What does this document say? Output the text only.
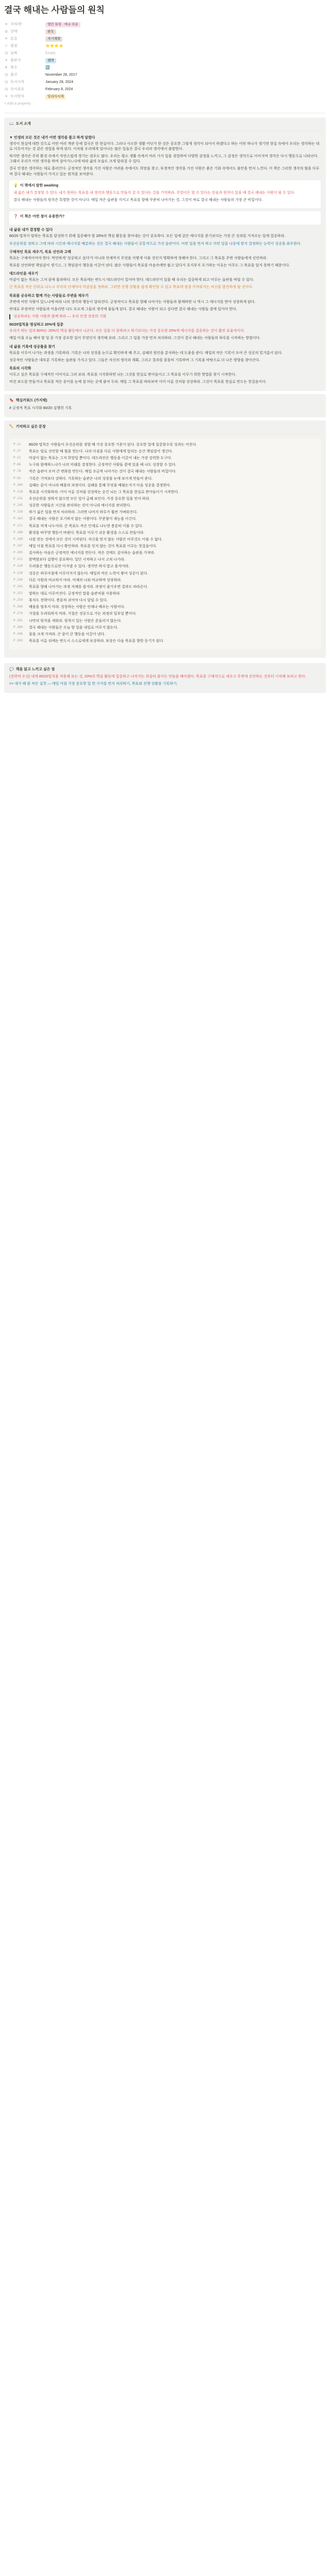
결국 해내는 사람들의 원칙
≡ 저자/편	앨런 튜링 · 매슈 라운
◎ 상태	완독
≡ 분류	자기계발
☆ 평점	⭐⭐⭐⭐
◷ 날짜	Empty
≡ 출판사	쌤앤
# 쪽수	🔤
◷ 출간	November 28, 2017
◷ 독서시작	January 28, 2024
◷ 독서종료	February 8, 2024
≡ 독서방식	밀리의서재
+ Add a property
📖 도서 소개
▼ 인생의 모든 것은 내가 어떤 생각을 품고 하게 달렸다
생각이 현실에 대한 것으로 어떤 여러 객관 등에 결국은 한 현실이다. 그러나 사소한 생활 어딘가 한 것은 중요한 그렇게 생각이 되어서 하겠다고 하는 어떤 하나가 생기면 현실 속에서 우리는 생각하는 대로 이루어지는 것 같은 경험을 하게 된다. 이처럼 우리에게 일어나는 많은 일들은 결국 우리의 생각에서 출발한다.
하지만 생각은 주위 환경 속에서 자연스럽게 생기는 경우도 많다. 우리는 평소 생활 속에서 여러 가지 일을 경험하며 다양한 감정을 느끼고, 그 감정은 생각으로 이어지며 생각은 다시 행동으로 나타난다. 그래서 우리가 어떤 생각을 하며 살아가느냐에 따라 삶의 모습도 크게 달라질 수 있다.
결국 인생은 생각하는 대로 흘러간다. 긍정적인 생각을 가진 사람은 어려움 속에서도 희망을 찾고, 부정적인 생각을 가진 사람은 좋은 기회 속에서도 불안을 먼저 느낀다. 이 책은 그러한 생각의 힘을 다루며 결국 해내는 사람들이 가지고 있는 원칙을 보여준다.
💡 이 책에서 말한 awaiting
내 삶은 내가 결정할 수 있다. 내가 원하는 목표를 내 생각과 행동으로 만들어 갈 수 있다는 것을 기억하라. 무엇이든 할 수 있다는 믿음과 원칙이 있을 때 결국 해내는 사람이 될 수 있다.
결국 해내는 사람들의 원칙은 특별한 것이 아니다. 매일 작은 습관을 지키고 목표를 향해 꾸준히 나아가는 것, 그것이 바로 결국 해내는 사람들의 가장 큰 비밀이다.
❓ 이 책은 어떤 점이 유용한가?
내 삶을 내가 결정할 수 있다
80/20 법칙이 말하는 목표를 달성하기 위해 집중해야 할 20%의 핵심 활동을 찾아내는 것이 중요하다. 모든 일에 같은 에너지를 쏟기보다는 가장 큰 성과를 가져오는 일에 집중하라.
우선순위를 정하고 그에 따라 시간과 에너지를 배분하는 것은 결국 해내는 사람들이 공통적으로 가진 습관이다. 어떤 일을 먼저 하고 어떤 일을 나중에 할지 결정하는 능력이 성공을 좌우한다.
구체적인 목표 세우기, 목표 선언과 고백
목표는 구체적이어야 한다. 막연하게 '성공하고 싶다'가 아니라 언제까지 무엇을 어떻게 이룰 것인지 명확하게 정해야 한다. 그리고 그 목표를 주변 사람들에게 선언하라.
목표를 선언하면 책임감이 생기고, 그 책임감이 행동을 이끌어 낸다. 많은 사람들이 목표를 마음속에만 품고 있다가 흐지부지 포기하는 이유는 아무도 그 목표를 알지 못하기 때문이다.
데드라인을 세우기
마감이 없는 목표는 그저 꿈에 불과하다. 모든 목표에는 반드시 데드라인이 있어야 한다. 데드라인이 있을 때 우리는 집중하게 되고 미루는 습관을 버릴 수 있다.
큰 목표를 작은 단위로 나누고 각각의 단계마다 마감일을 정하라. 그러면 진행 상황을 쉽게 확인할 수 있고 목표에 점점 가까워지는 자신을 발견하게 될 것이다.
목표를 공유하고 함께 가는 사람들로 주변을 채우기
주변에 어떤 사람이 있느냐에 따라 나의 생각과 행동이 달라진다. 긍정적이고 목표를 향해 나아가는 사람들과 함께하면 나 역시 그 에너지를 받아 성장하게 된다.
반대로 부정적인 사람들과 어울리면 나도 모르게 그들의 생각에 물들게 된다. 결국 해내는 사람이 되고 싶다면 결국 해내는 사람들 곁에 있어야 한다.
성공하려는 사람 사람과 함께 하라 — 우리 인생 성장의 기회
80/20법칙을 명심하고 20%에 집중
우리가 하는 일의 80%는 20%의 핵심 활동에서 나온다. 모든 일을 다 잘하려고 하기보다는 가장 중요한 20%에 에너지를 집중하는 것이 훨씬 효율적이다.
매일 아침 오늘 해야 할 일 중 가장 중요한 일이 무엇인지 생각해 보라. 그리고 그 일을 가장 먼저 처리하라. 그것이 결국 해내는 사람들의 하루를 시작하는 방법이다.
내 삶을 기록에 성공률을 찾기
목표를 이루어 나가는 과정을 기록하라. 기록은 나의 성장을 눈으로 확인하게 해 주고, 실패의 원인을 분석하는 데 도움을 준다. 매일의 작은 기록이 모여 큰 성공의 밑거름이 된다.
성공적인 사람들은 대부분 기록하는 습관을 가지고 있다. 그들은 자신의 생각과 계획, 그리고 결과를 꼼꼼히 기록하며 그 기록을 바탕으로 더 나은 방향을 찾아간다.
목표의 시각화
이루고 싶은 목표를 구체적인 이미지로 그려 보라. 목표를 시각화하면 뇌는 그것을 현실로 받아들이고 그 목표를 이루기 위한 방법을 찾기 시작한다.
비전 보드를 만들거나 목표를 적은 종이를 눈에 잘 띄는 곳에 붙여 두라. 매일 그 목표를 바라보며 이미 이룬 것처럼 상상하라. 그것이 목표를 현실로 만드는 첫걸음이다.
🔖 핵심키워드 (가지택)
# 긍정적 목표 시각화 80/20 실행력 기록
✏️ 기억하고 싶은 문장
P.21	80/20 법칙은 사람들이 우선순위를 정할 때 가장 중요한 기준이 된다. 중요한 일에 집중할수록 성과는 커진다.
P.37	목표는 말로 선언할 때 힘을 얻는다. 나의 다짐을 다른 사람에게 알리는 순간 책임감이 생긴다.
P.51	마감이 없는 목표는 그저 희망일 뿐이다. 데드라인은 행동을 이끌어 내는 가장 강력한 도구다.
P.66	누구와 함께하느냐가 나의 미래를 결정한다. 긍정적인 사람들 곁에 있을 때 나도 성장할 수 있다.
P.78	작은 습관이 모여 큰 변화를 만든다. 매일 조금씩 나아가는 것이 결국 해내는 사람들의 비밀이다.
P.92	기록은 기억보다 강하다. 기록하는 습관은 나의 성장을 눈에 보이게 만들어 준다.
P.104	실패는 끝이 아니라 배움의 과정이다. 실패를 통해 무엇을 배웠는지가 다음 성공을 결정한다.
P.118	목표를 시각화하라. 이미 이룬 것처럼 상상하는 순간 뇌는 그 목표를 현실로 받아들이기 시작한다.
P.131	우선순위를 정하지 않으면 모든 일이 급해 보인다. 가장 중요한 일을 먼저 하라.
P.145	성공한 사람들은 시간을 관리하는 것이 아니라 에너지를 관리한다.
P.158	하기 싫은 일을 먼저 처리하라. 그러면 나머지 하루가 훨씬 가벼워진다.
P.163	결국 해내는 사람은 포기하지 않는 사람이다. 꾸준함이 재능을 이긴다.
P.171	목표를 작게 나누어라. 큰 목표도 작은 단계로 나누면 충분히 이룰 수 있다.
P.180	환경을 바꾸면 행동이 바뀐다. 목표를 이루기 쉬운 환경을 스스로 만들어라.
P.189	나를 믿는 것에서 모든 것이 시작된다. 자신을 믿지 않는 사람은 아무것도 이룰 수 없다.
P.197	매일 아침 목표를 다시 확인하라. 목표를 잊지 않는 것이 목표를 이루는 첫걸음이다.
P.205	감사하는 마음은 긍정적인 에너지를 만든다. 작은 것에도 감사하는 습관을 가져라.
P.212	완벽함보다 실행이 중요하다. 일단 시작하고 나서 고쳐 나가라.
P.220	두려움은 행동으로만 이겨낼 수 있다. 생각만 하지 말고 움직여라.
P.228	성공은 하루아침에 이루어지지 않는다. 매일의 작은 노력이 쌓여 성공이 된다.
P.236	다른 사람과 비교하지 마라. 어제의 나와 비교하며 성장하라.
P.243	목표를 향해 나아가는 과정 자체를 즐겨라. 과정이 즐거우면 결과도 따라온다.
P.251	말하는 대로 이루어진다. 긍정적인 말을 습관처럼 사용하라.
P.259	휴식도 전략이다. 충분히 쉬어야 다시 달릴 수 있다.
P.266	배움을 멈추지 마라. 성장하는 사람은 언제나 배우는 사람이다.
P.274	거절을 두려워하지 마라. 거절은 성공으로 가는 과정의 일부일 뿐이다.
P.281	나만의 원칙을 세워라. 원칙이 있는 사람은 흔들리지 않는다.
P.289	결국 해내는 사람들은 오늘 할 일을 내일로 미루지 않는다.
P.296	꿈을 크게 가져라. 큰 꿈이 큰 행동을 이끌어 낸다.
P.303	목표를 이룬 뒤에는 반드시 스스로에게 보상하라. 보상은 다음 목표를 향한 동기가 된다.
💬 책을 읽고 느끼고 싶은 점
(전략적 우선) 내게 80/20법칙을 적용해 보는 것, 20%의 핵심 활동에 집중하고 나머지는 과감히 줄이는 연습을 해야겠다. 목표를 구체적으로 세우고 주변에 선언하는 것부터 시작해 보려고 한다.
>> 내가 해 볼 작은 실천 — 매일 아침 가장 중요한 일 한 가지를 먼저 처리하기, 목표와 진행 상황을 기록하기.
